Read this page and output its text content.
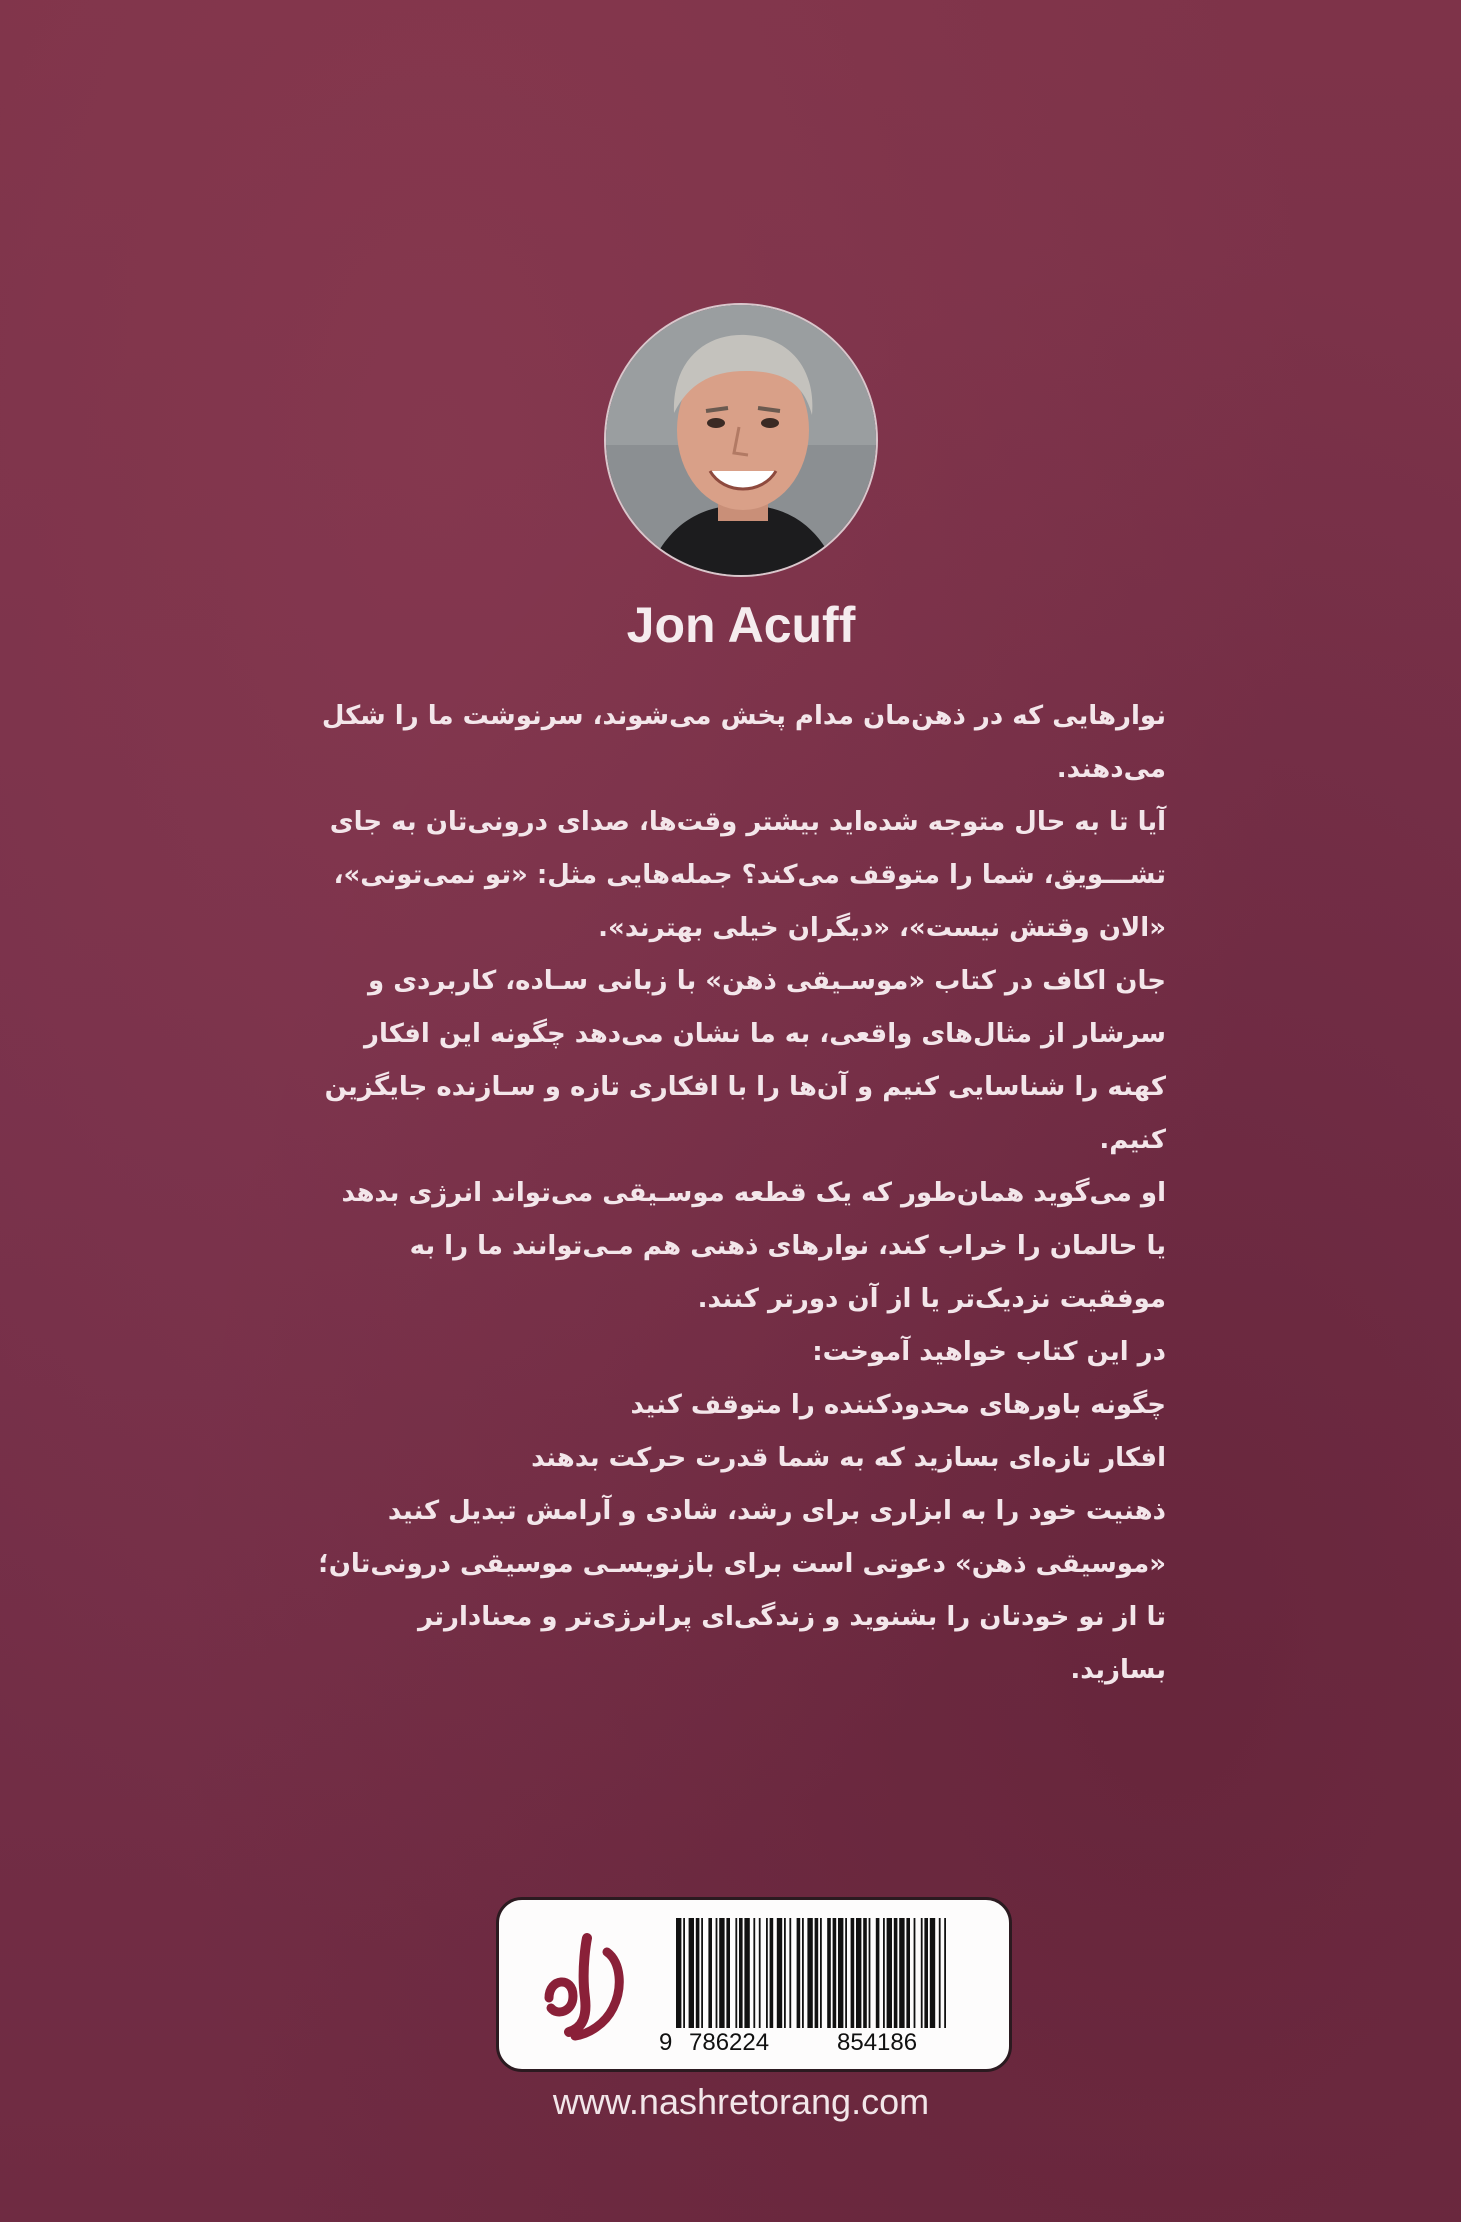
Jon Acuff

نوارهایی که در ذهن‌مان مدام پخش می‌شوند، سرنوشت ما را شکل می‌دهند.

آیا تا به حال متوجه شده‌اید بیشتر وقت‌ها، صدای درونی‌تان به جای تشـــویق، شما را متوقف می‌کند؟ جمله‌هایی مثل: «تو نمی‌تونی»، «الان وقتش نیست»، «دیگران خیلی بهترند».

جان اکاف در کتاب «موسـیقی ذهن» با زبانی سـاده، کاربردی و سرشار از مثال‌های واقعی، به ما نشان می‌دهد چگونه این افکار کهنه را شناسایی کنیم و آن‌ها را با افکاری تازه و سـازنده جایگزین کنیم.

او می‌گوید همان‌طور که یک قطعه موسـیقی می‌تواند انرژی بدهد یا حالمان را خراب کند، نوارهای ذهنی هم مـی‌توانند ما را به موفقیت نزدیک‌تر یا از آن دورتر کنند.

در این کتاب خواهید آموخت:

چگونه باورهای محدودکننده را متوقف کنید

افکار تازه‌ای بسازید که به شما قدرت حرکت بدهند

ذهنیت خود را به ابزاری برای رشد، شادی و آرامش تبدیل کنید

«موسیقی ذهن» دعوتی است برای بازنویسـی موسیقی درونی‌تان؛ تا از نو خودتان را بشنوید و زندگی‌ای پرانرژی‌تر و معنادارتر بسازید.

9 786224	854186
www.nashretorang.com
